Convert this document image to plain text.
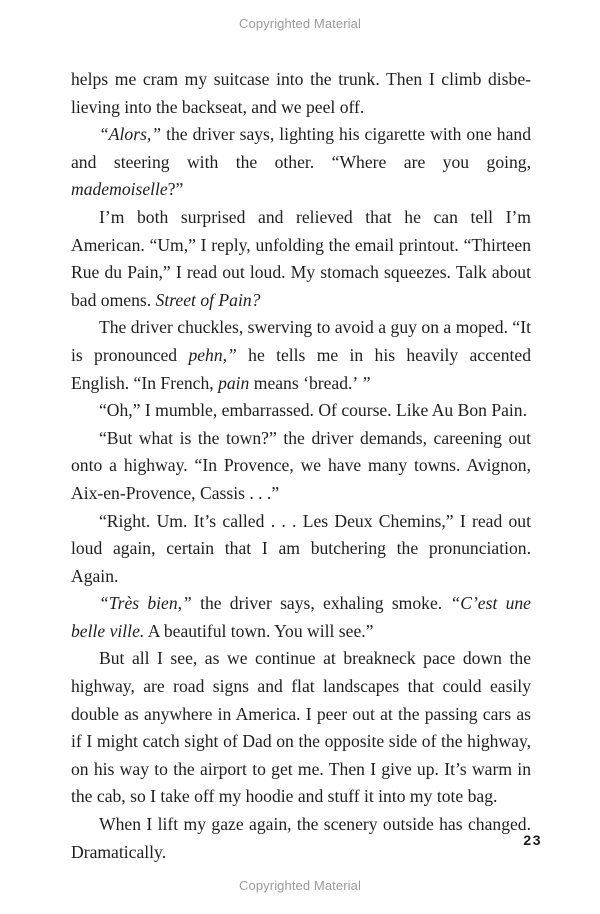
Copyrighted Material

helps me cram my suitcase into the trunk. Then I climb disbelieving into the backseat, and we peel off.

“Alors,” the driver says, lighting his cigarette with one hand and steering with the other. “Where are you going, mademoiselle?”

I’m both surprised and relieved that he can tell I’m American. “Um,” I reply, unfolding the email printout. “Thirteen Rue du Pain,” I read out loud. My stomach squeezes. Talk about bad omens. Street of Pain?

The driver chuckles, swerving to avoid a guy on a moped. “It is pronounced pehn,” he tells me in his heavily accented English. “In French, pain means ‘bread.’ ”

“Oh,” I mumble, embarrassed. Of course. Like Au Bon Pain.

“But what is the town?” the driver demands, careening out onto a highway. “In Provence, we have many towns. Avignon, Aix-en-Provence, Cassis . . .”

“Right. Um. It’s called . . . Les Deux Chemins,” I read out loud again, certain that I am butchering the pronunciation. Again.

“Très bien,” the driver says, exhaling smoke. “C’est une belle ville. A beautiful town. You will see.”

But all I see, as we continue at breakneck pace down the highway, are road signs and flat landscapes that could easily double as anywhere in America. I peer out at the passing cars as if I might catch sight of Dad on the opposite side of the highway, on his way to the airport to get me. Then I give up. It’s warm in the cab, so I take off my hoodie and stuff it into my tote bag.

When I lift my gaze again, the scenery outside has changed. Dramatically.

23
Copyrighted Material
